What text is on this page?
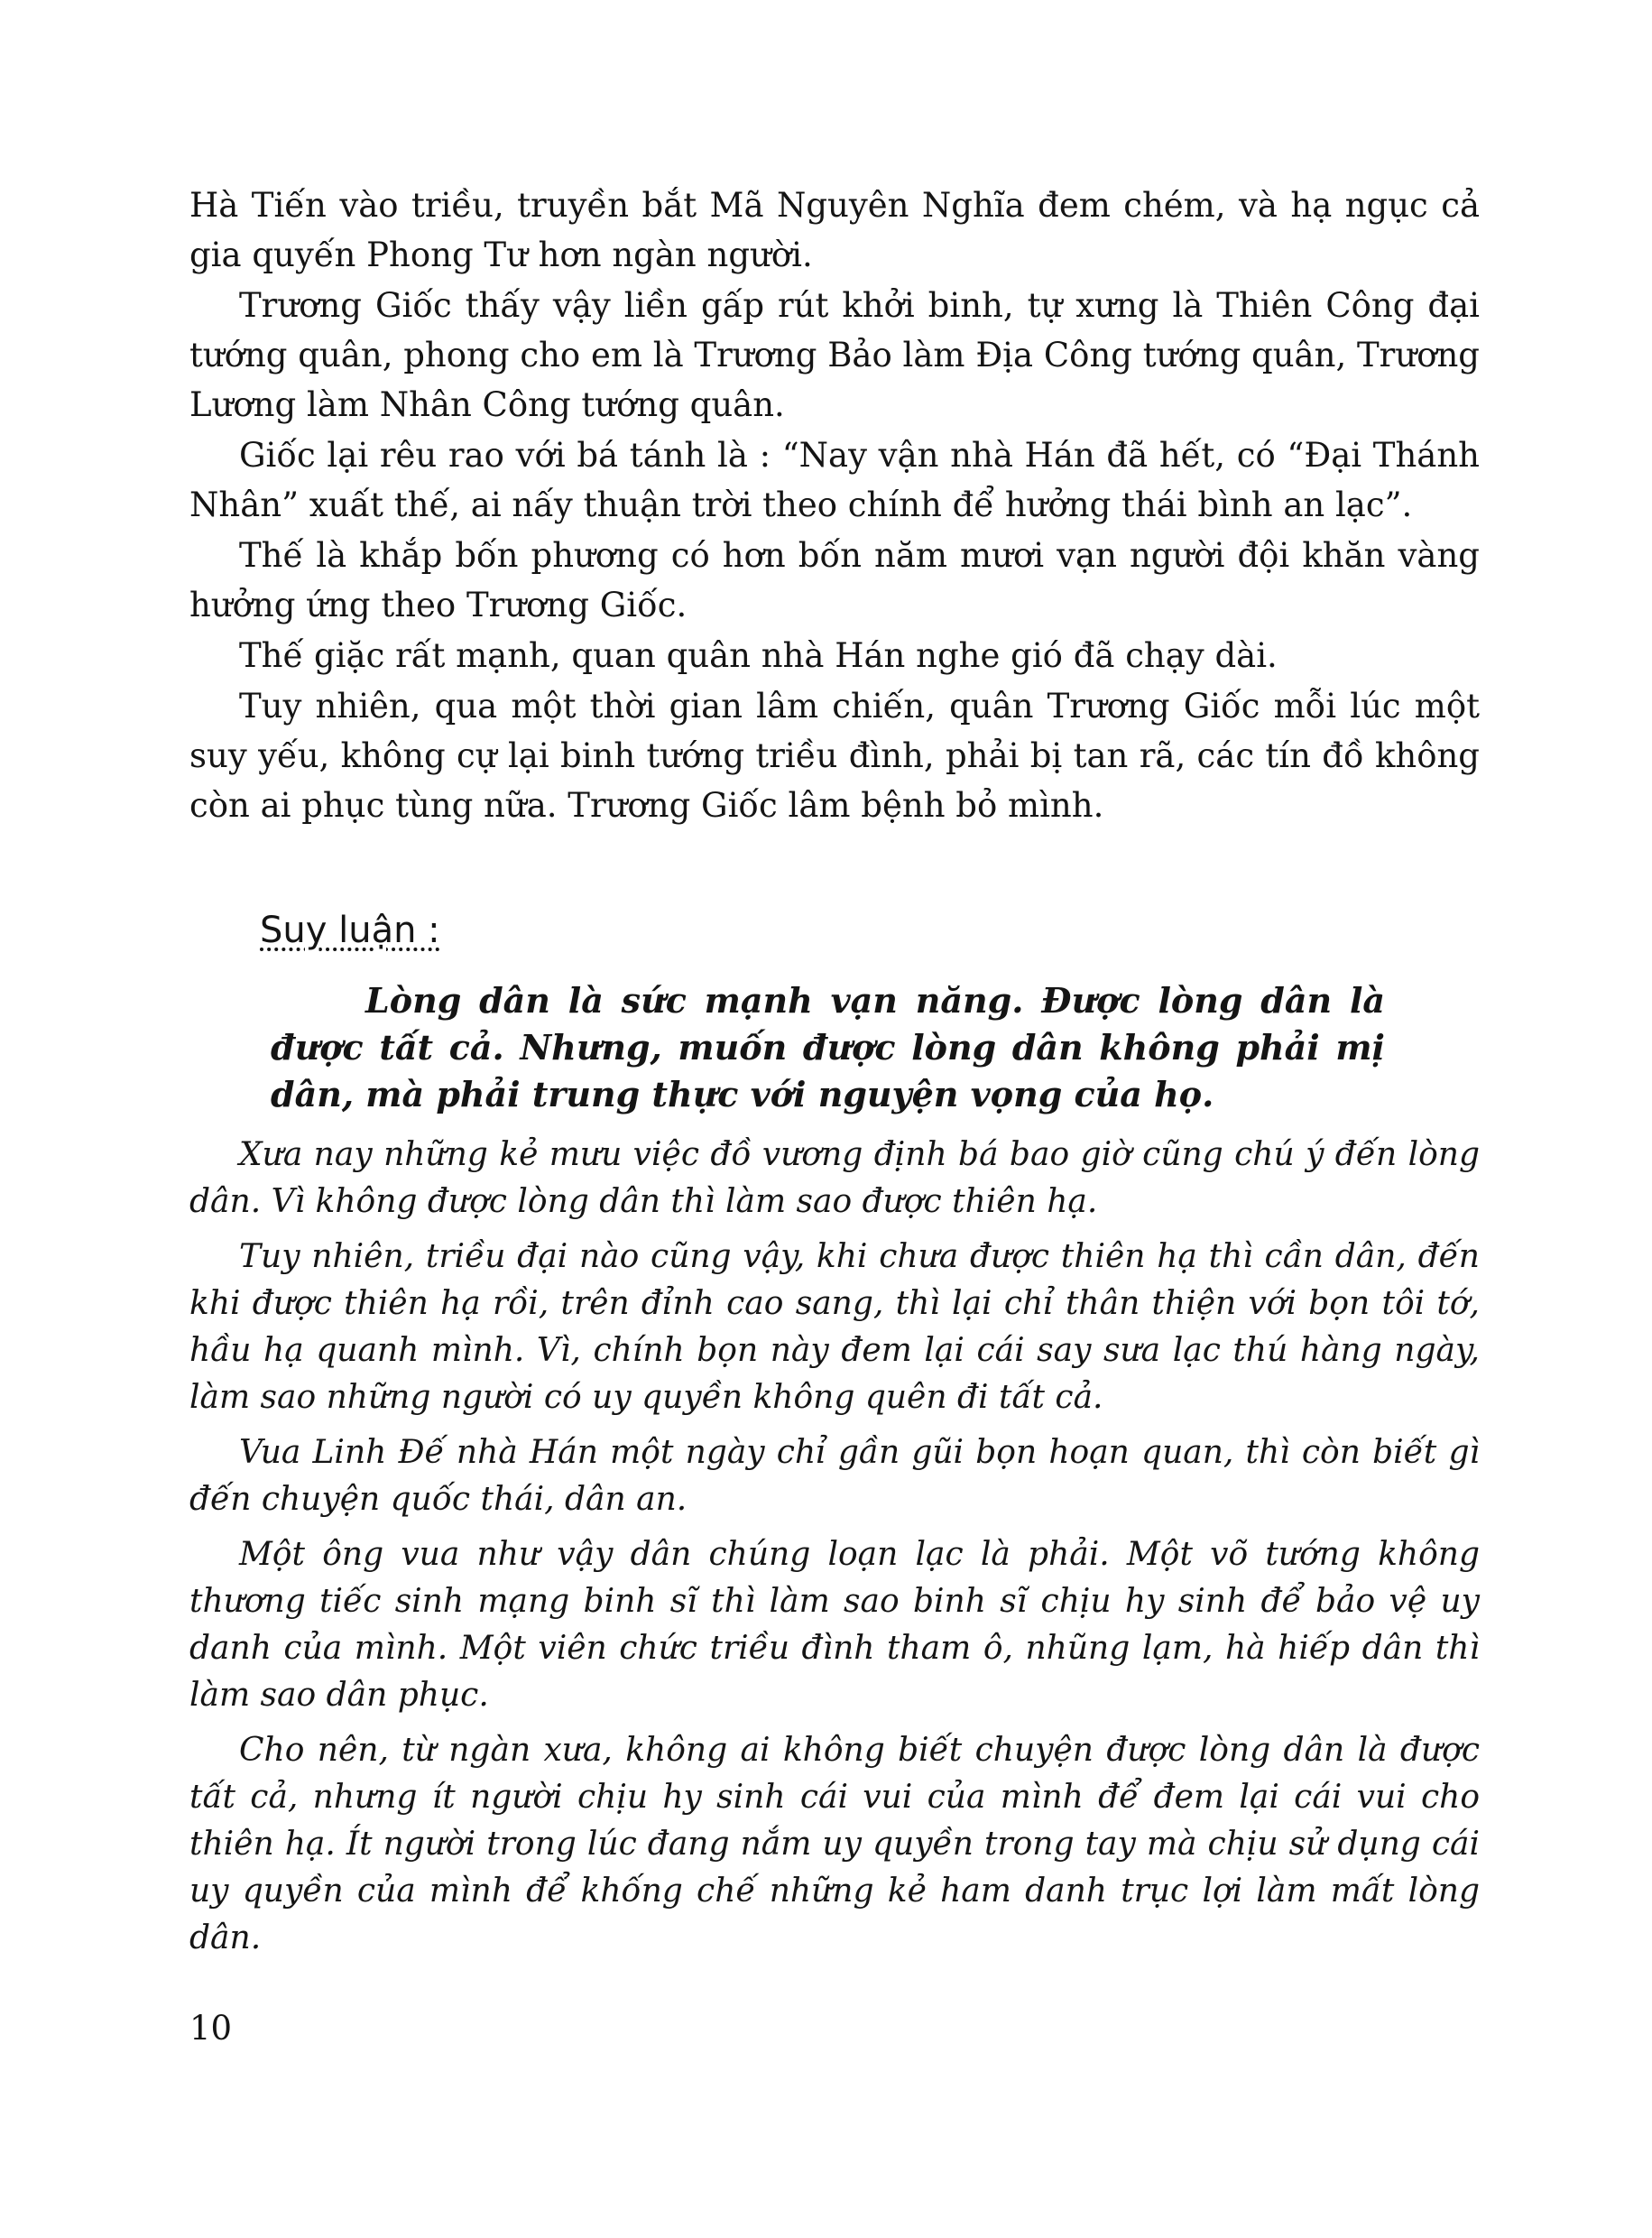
Hà Tiến vào triều, truyền bắt Mã Nguyên Nghĩa đem chém, và hạ ngục cả gia quyến Phong Tư hơn ngàn người.

Trương Giốc thấy vậy liền gấp rút khởi binh, tự xưng là Thiên Công đại tướng quân, phong cho em là Trương Bảo làm Địa Công tướng quân, Trương Lương làm Nhân Công tướng quân.

Giốc lại rêu rao với bá tánh là : “Nay vận nhà Hán đã hết, có “Đại Thánh Nhân” xuất thế, ai nấy thuận trời theo chính để hưởng thái bình an lạc”.

Thế là khắp bốn phương có hơn bốn năm mươi vạn người đội khăn vàng hưởng ứng theo Trương Giốc.

Thế giặc rất mạnh, quan quân nhà Hán nghe gió đã chạy dài.

Tuy nhiên, qua một thời gian lâm chiến, quân Trương Giốc mỗi lúc một suy yếu, không cự lại binh tướng triều đình, phải bị tan rã, các tín đồ không còn ai phục tùng nữa. Trương Giốc lâm bệnh bỏ mình.

Suy luận :

Lòng dân là sức mạnh vạn năng. Được lòng dân là được tất cả. Nhưng, muốn được lòng dân không phải mị dân, mà phải trung thực với nguyện vọng của họ.

Xưa nay những kẻ mưu việc đồ vương định bá bao giờ cũng chú ý đến lòng dân. Vì không được lòng dân thì làm sao được thiên hạ.

Tuy nhiên, triều đại nào cũng vậy, khi chưa được thiên hạ thì cần dân, đến khi được thiên hạ rồi, trên đỉnh cao sang, thì lại chỉ thân thiện với bọn tôi tớ, hầu hạ quanh mình. Vì, chính bọn này đem lại cái say sưa lạc thú hàng ngày, làm sao những người có uy quyền không quên đi tất cả.

Vua Linh Đế nhà Hán một ngày chỉ gần gũi bọn hoạn quan, thì còn biết gì đến chuyện quốc thái, dân an.

Một ông vua như vậy dân chúng loạn lạc là phải. Một võ tướng không thương tiếc sinh mạng binh sĩ thì làm sao binh sĩ chịu hy sinh để bảo vệ uy danh của mình. Một viên chức triều đình tham ô, nhũng lạm, hà hiếp dân thì làm sao dân phục.

Cho nên, từ ngàn xưa, không ai không biết chuyện được lòng dân là được tất cả, nhưng ít người chịu hy sinh cái vui của mình để đem lại cái vui cho thiên hạ. Ít người trong lúc đang nắm uy quyền trong tay mà chịu sử dụng cái uy quyền của mình để khống chế những kẻ ham danh trục lợi làm mất lòng dân.

10
